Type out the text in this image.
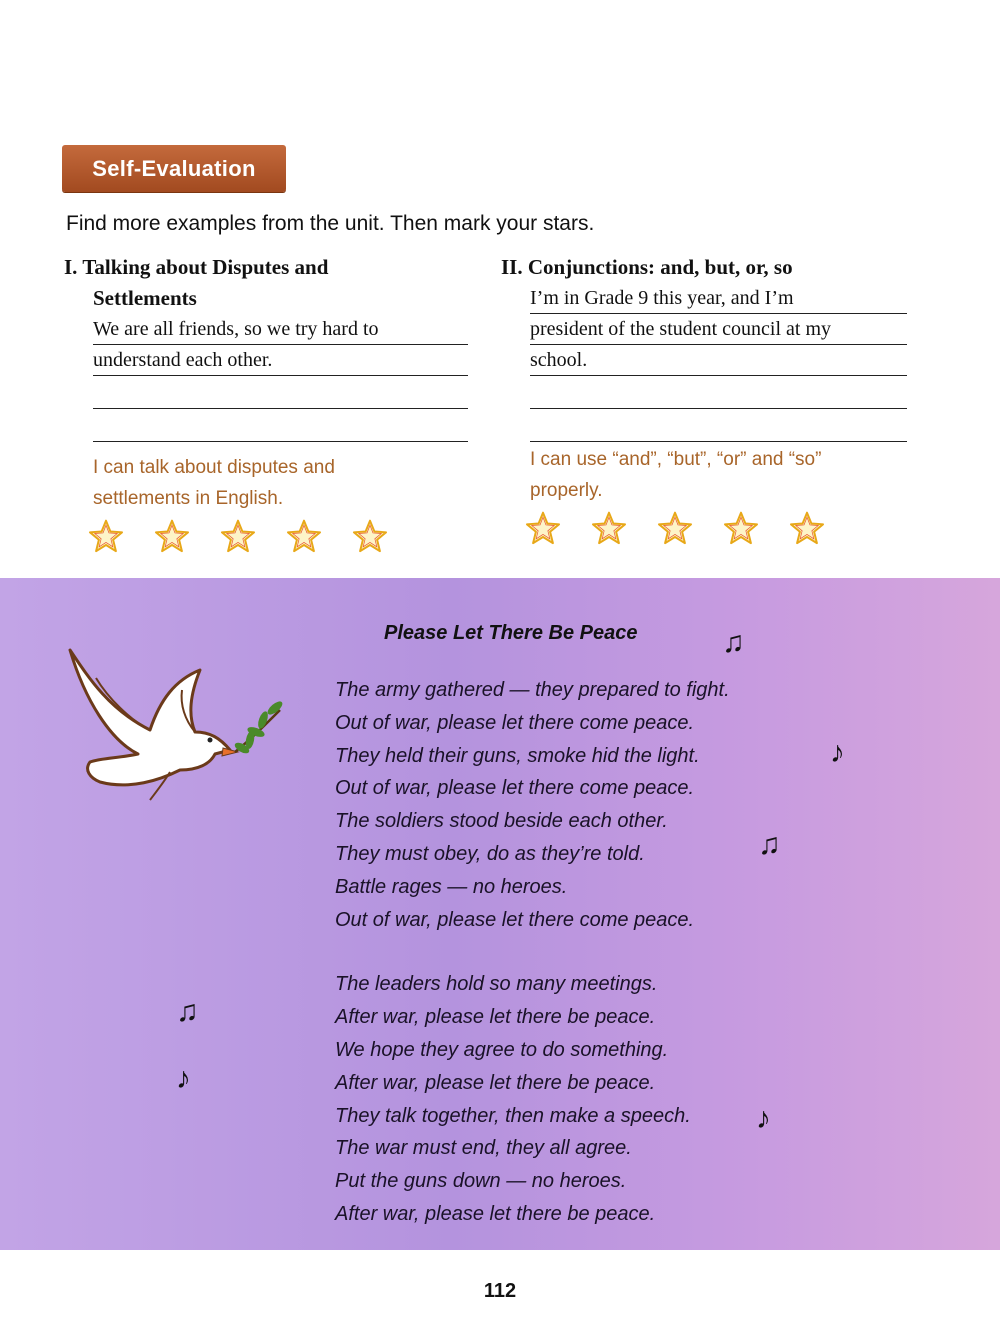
Self-Evaluation
Find more examples from the unit. Then mark your stars.

I. Talking about Disputes and
Settlements

We are all friends, so we try hard to
understand each other.
I can talk about disputes and
settlements in English.

II. Conjunctions: and, but, or, so

I’m in Grade 9 this year, and I’m
president of the student council at my
school.
I can use “and”, “but”, “or” and “so”
properly.
Please Let There Be Peace
The army gathered — they prepared to fight.
Out of war, please let there come peace.
They held their guns, smoke hid the light.
Out of war, please let there come peace.
The soldiers stood beside each other.
They must obey, do as they’re told.
Battle rages — no heroes.
Out of war, please let there come peace.
The leaders hold so many meetings.
After war, please let there be peace.
We hope they agree to do something.
After war, please let there be peace.
They talk together, then make a speech.
The war must end, they all agree.
Put the guns down — no heroes.
After war, please let there be peace.
♫
♪
♫
♫
♪
♪
112
